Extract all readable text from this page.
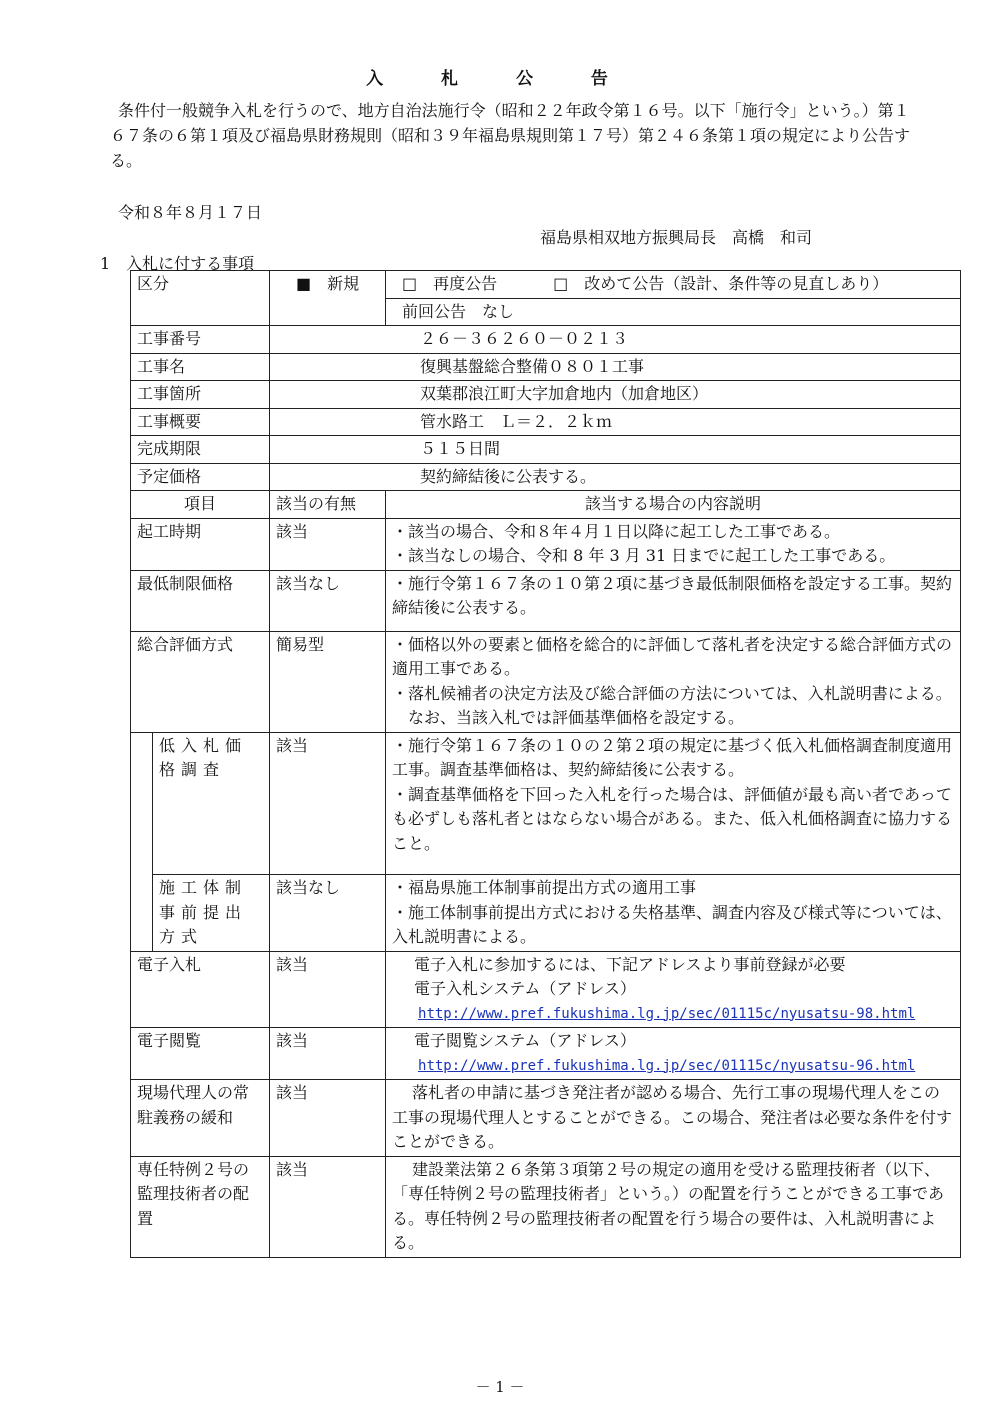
入 札 公 告
条件付一般競争入札を行うので、地方自治法施行令（昭和２２年政令第１６号。以下「施行令」という。）第１６７条の６第１項及び福島県財務規則（昭和３９年福島県規則第１７号）第２４６条第１項の規定により公告する。
令和８年８月１７日
福島県相双地方振興局長　高橋　和司
1　入札に付する事項
区分		■　新規	□　再度公告 □　改めて公告（設計、条件等の見直しあり）
			前回公告　なし
工事番号		２６－３６２６０－０２１３	
工事名		復興基盤総合整備０８０１工事	
工事箇所		双葉郡浪江町大字加倉地内（加倉地区）	
工事概要		管水路工　Ｌ＝２．２ｋｍ	
完成期限		５１５日間	
予定価格		契約締結後に公表する。	
項目		該当の有無	該当する場合の内容説明
起工時期		該当	・該当の場合、令和８年４月１日以降に起工した工事である。
・該当なしの場合、令和 8 年 3 月 31 日までに起工した工事である。

最低制限価格		該当なし	・施行令第１６７条の１０第２項に基づき最低制限価格を設定する工事。契約締結後に公表する。

総合評価方式		簡易型	・価格以外の要素と価格を総合的に評価して落札者を決定する総合評価方式の適用工事である。
・落札候補者の決定方法及び総合評価の方法については、入札説明書による。
　なお、当該入札では評価基準価格を設定する。

	低入札価格調査	該当	・施行令第１６７条の１０の２第２項の規定に基づく低入札価格調査制度適用工事。調査基準価格は、契約締結後に公表する。
・調査基準価格を下回った入札を行った場合は、評価値が最も高い者であっても必ずしも落札者とはならない場合がある。また、低入札価格調査に協力すること。

	施工体制事前提出方式	該当なし	・福島県施工体制事前提出方式の適用工事
・施工体制事前提出方式における失格基準、調査内容及び様式等については、入札説明書による。

電子入札		該当	電子入札に参加するには、下記アドレスより事前登録が必要
電子入札システム（アドレス）
http://www.pref.fukushima.lg.jp/sec/01115c/nyusatsu-98.html

電子閲覧		該当	電子閲覧システム（アドレス）
http://www.pref.fukushima.lg.jp/sec/01115c/nyusatsu-96.html

現場代理人の常駐義務の緩和		該当	落札者の申請に基づき発注者が認める場合、先行工事の現場代理人をこの工事の現場代理人とすることができる。この場合、発注者は必要な条件を付すことができる。
専任特例２号の監理技術者の配置		該当	建設業法第２６条第３項第２号の規定の適用を受ける監理技術者（以下、「専任特例２号の監理技術者」という。）の配置を行うことができる工事である。専任特例２号の監理技術者の配置を行う場合の要件は、入札説明書による。
－ 1 －
